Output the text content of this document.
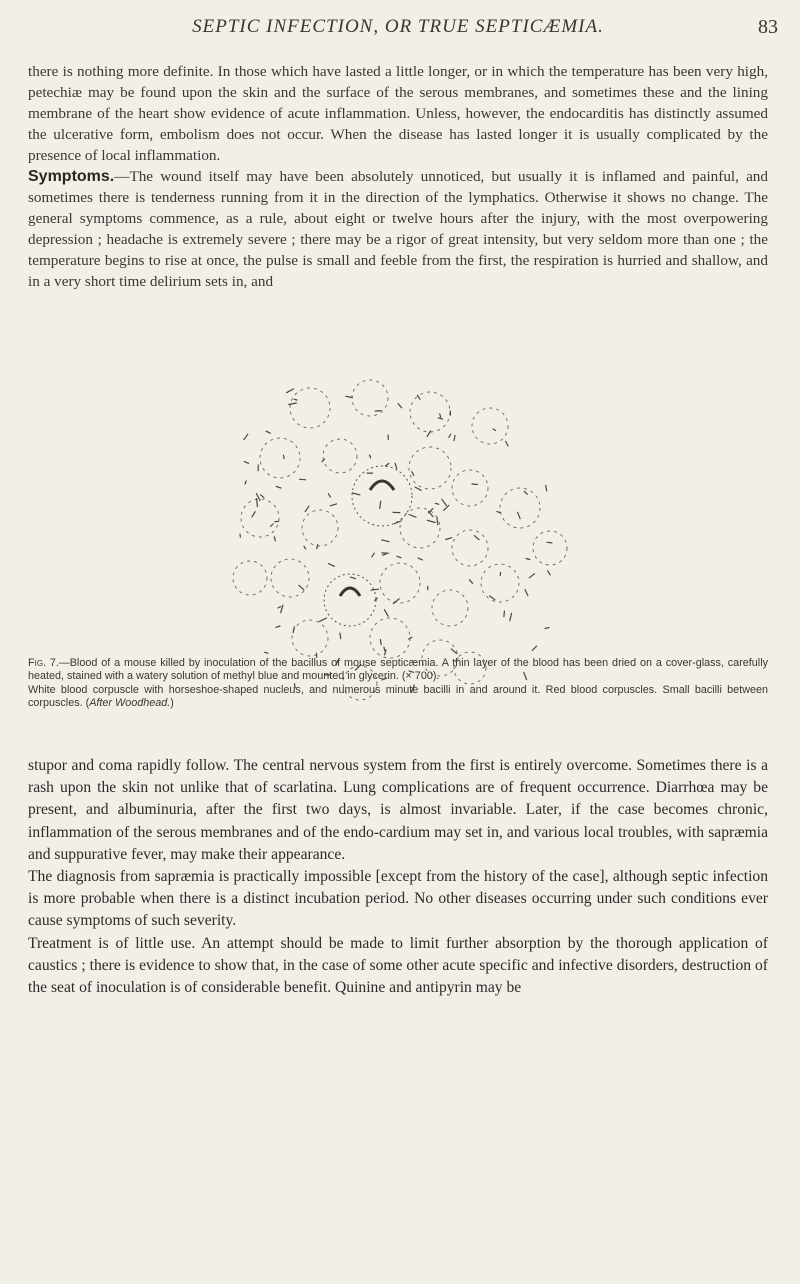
SEPTIC INFECTION, OR TRUE SEPTICÆMIA.	83

there is nothing more definite. In those which have lasted a little longer, or in which the temperature has been very high, petechiæ may be found upon the skin and the surface of the serous membranes, and sometimes these and the lining membrane of the heart show evidence of acute inflammation. Unless, however, the endocarditis has distinctly assumed the ulcerative form, embolism does not occur. When the disease has lasted longer it is usually complicated by the presence of local inflammation.

Symptoms.—The wound itself may have been absolutely unnoticed, but usually it is inflamed and painful, and sometimes there is tenderness running from it in the direction of the lymphatics. Otherwise it shows no change. The general symptoms commence, as a rule, about eight or twelve hours after the injury, with the most overpowering depression ; headache is extremely severe ; there may be a rigor of great intensity, but very seldom more than one ; the temperature begins to rise at once, the pulse is small and feeble from the first, the respiration is hurried and shallow, and in a very short time delirium sets in, and

Fig. 7.—Blood of a mouse killed by inoculation of the bacillus of mouse septicæmia. A thin layer of the blood has been dried on a cover-glass, carefully heated, stained with a watery solution of methyl blue and mounted in glycerin. (× 700).
White blood corpuscle with horseshoe-shaped nucleus, and numerous minute bacilli in and around it. Red blood corpuscles. Small bacilli between corpuscles. (After Woodhead.)

stupor and coma rapidly follow. The central nervous system from the first is entirely overcome. Sometimes there is a rash upon the skin not unlike that of scarlatina. Lung complications are of frequent occurrence. Diarrhœa may be present, and albuminuria, after the first two days, is almost invariable. Later, if the case becomes chronic, inflammation of the serous membranes and of the endo-cardium may set in, and various local troubles, with sapræmia and suppurative fever, may make their appearance.

The diagnosis from sapræmia is practically impossible [except from the history of the case], although septic infection is more probable when there is a distinct incubation period. No other diseases occurring under such conditions ever cause symptoms of such severity.

Treatment is of little use. An attempt should be made to limit further absorption by the thorough application of caustics ; there is evidence to show that, in the case of some other acute specific and infective disorders, destruction of the seat of inoculation is of considerable benefit. Quinine and antipyrin may be
